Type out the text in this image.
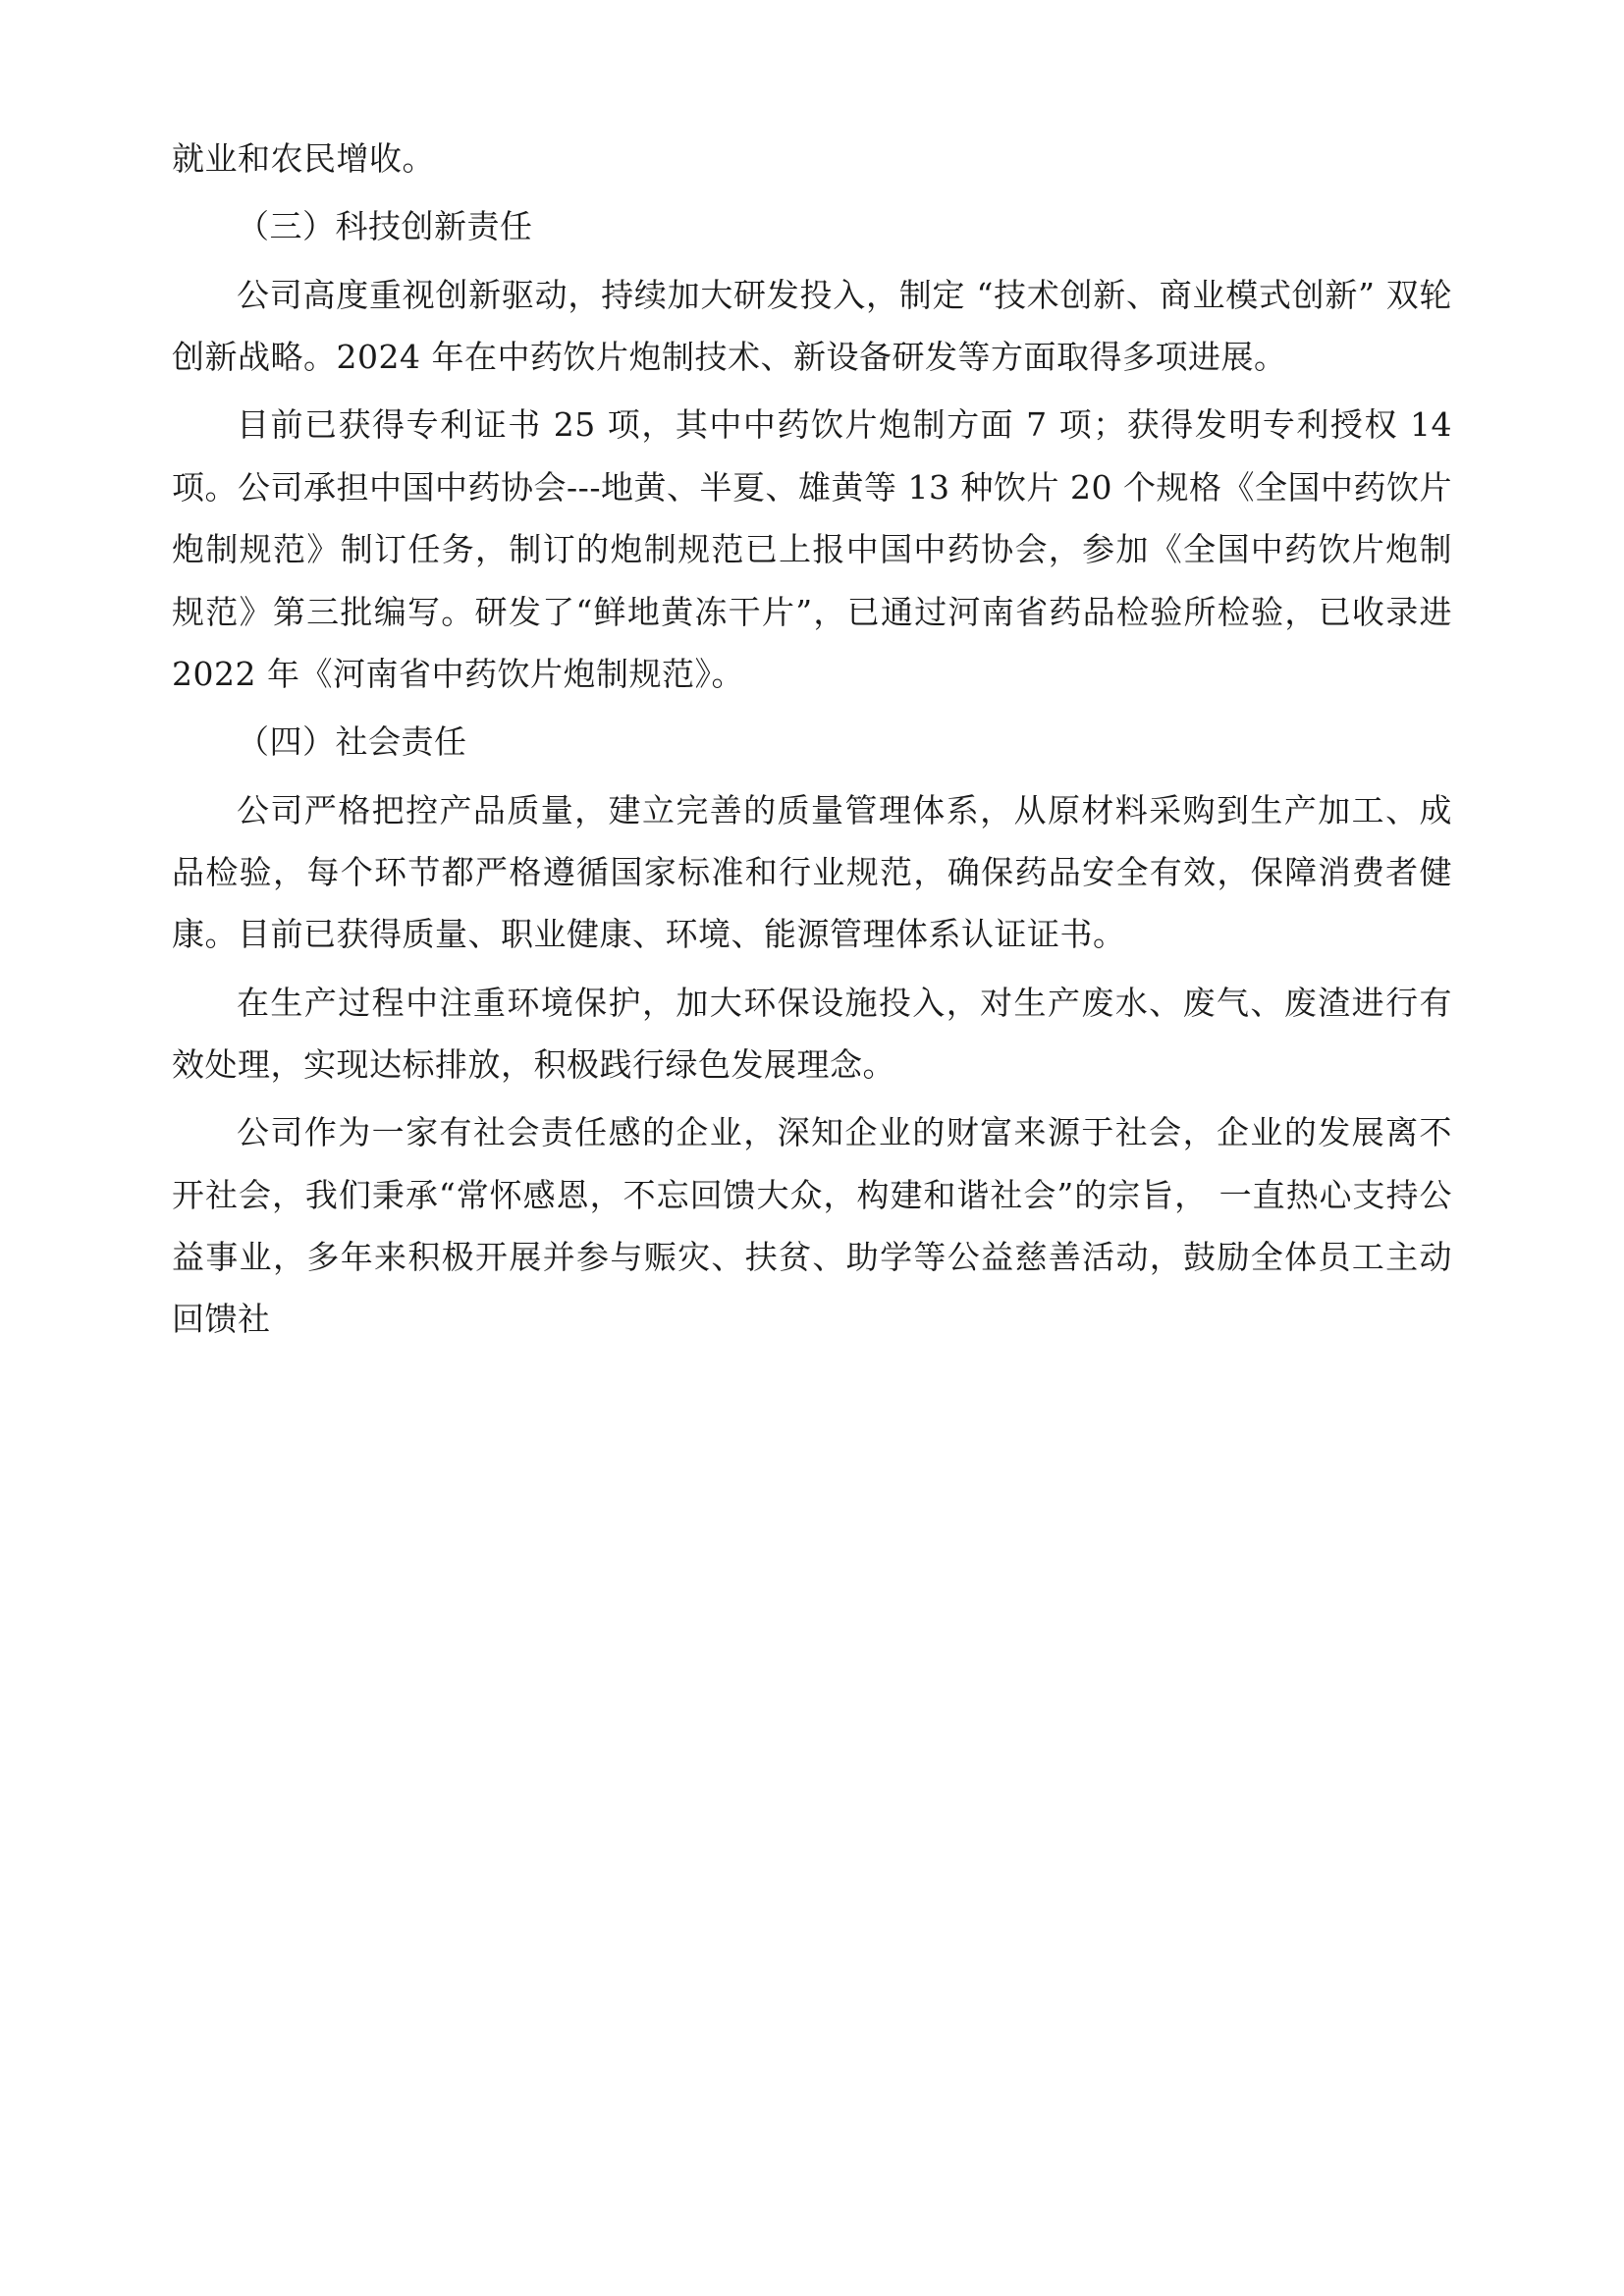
就业和农民增收。

（三）科技创新责任

公司高度重视创新驱动，持续加大研发投入，制定 “技术创新、商业模式创新” 双轮创新战略。2024 年在中药饮片炮制技术、新设备研发等方面取得多项进展。

目前已获得专利证书 25 项，其中中药饮片炮制方面 7 项；获得发明专利授权 14 项。公司承担中国中药协会---地黄、半夏、雄黄等 13 种饮片 20 个规格《全国中药饮片炮制规范》制订任务，制订的炮制规范已上报中国中药协会，参加《全国中药饮片炮制规范》第三批编写。研发了“鲜地黄冻干片”，已通过河南省药品检验所检验，已收录进 2022 年《河南省中药饮片炮制规范》。

（四）社会责任

公司严格把控产品质量，建立完善的质量管理体系，从原材料采购到生产加工、成品检验，每个环节都严格遵循国家标准和行业规范，确保药品安全有效，保障消费者健康。目前已获得质量、职业健康、环境、能源管理体系认证证书。

在生产过程中注重环境保护，加大环保设施投入，对生产废水、废气、废渣进行有效处理，实现达标排放，积极践行绿色发展理念。

公司作为一家有社会责任感的企业，深知企业的财富来源于社会，企业的发展离不开社会，我们秉承“常怀感恩，不忘回馈大众，构建和谐社会”的宗旨， 一直热心支持公益事业，多年来积极开展并参与赈灾、扶贫、助学等公益慈善活动，鼓励全体员工主动回馈社
